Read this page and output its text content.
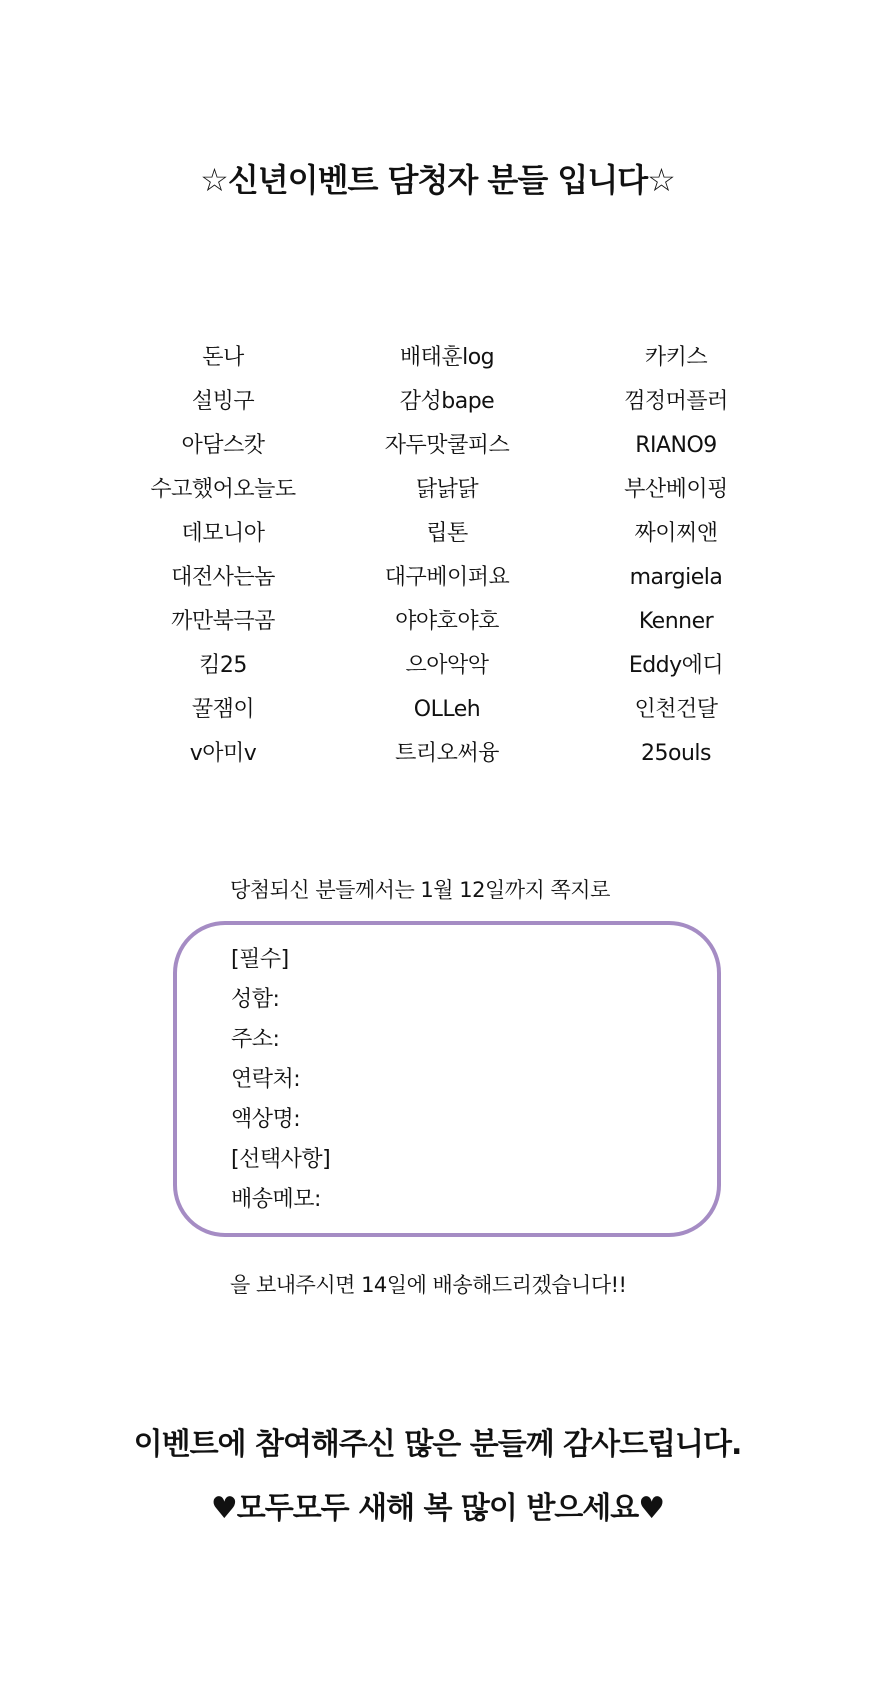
☆신년이벤트 담청자 분들 입니다☆
돈나	배태훈log	카키스
설빙구	감성bape	껌정머플러
아담스캇	자두맛쿨피스	RIANO9
수고했어오늘도	닭낡닭	부산베이핑
데모니아	립톤	짜이찌앤
대전사는놈	대구베이퍼요	margiela
까만북극곰	야야호야호	Kenner
킴25	으아악악	Eddy에디
꿀잼이	OLLeh	인천건달
v아미v	트리오써융	25ouls
당첨되신 분들께서는 1월 12일까지 쪽지로
[필수]
성함:
주소:
연락처:
액상명:
[선택사항]
배송메모:
을 보내주시면 14일에 배송해드리겠습니다!!
이벤트에 참여해주신 많은 분들께 감사드립니다.
♥모두모두 새해 복 많이 받으세요♥
